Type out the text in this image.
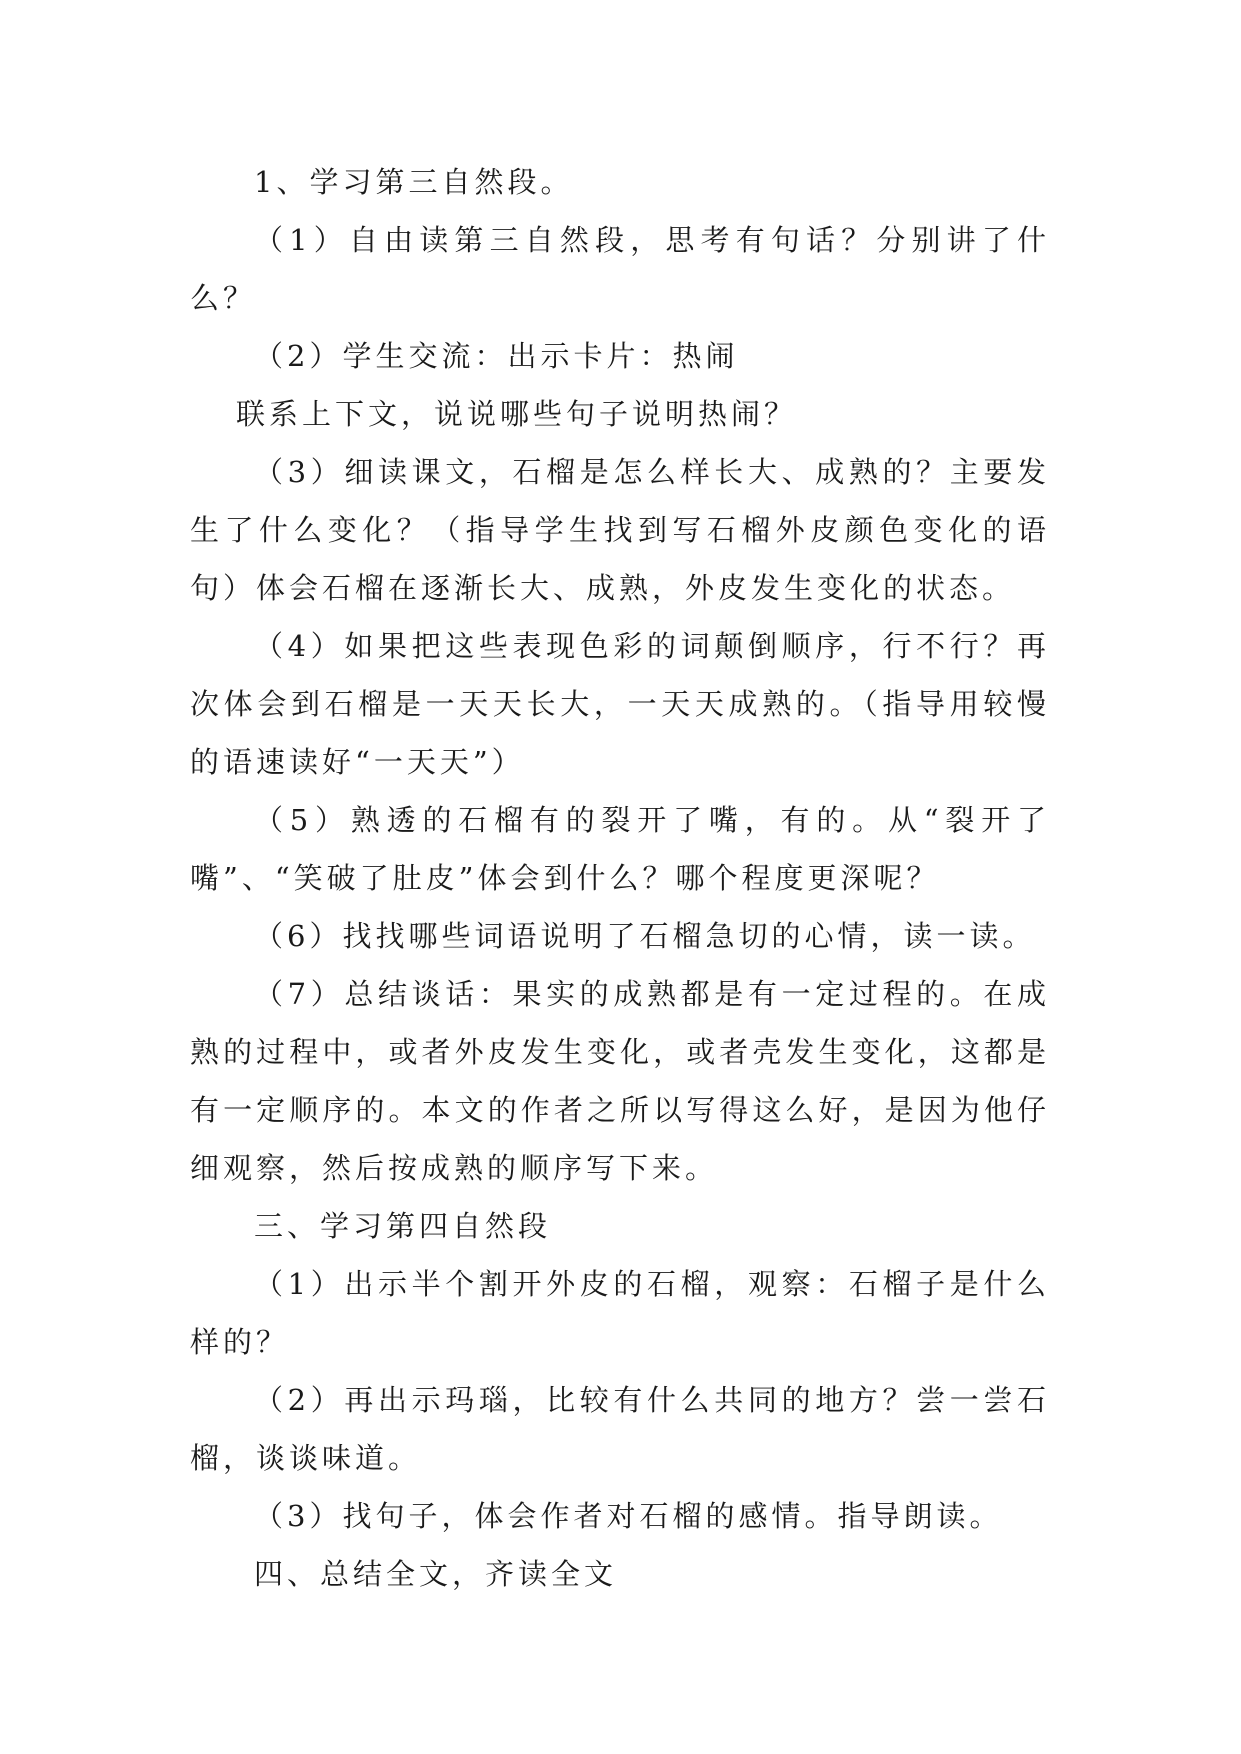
1、学习第三自然段。

（1）自由读第三自然段，思考有句话？分别讲了什么？

（2）学生交流：出示卡片：热闹

联系上下文，说说哪些句子说明热闹？

（3）细读课文，石榴是怎么样长大、成熟的？主要发生了什么变化？（指导学生找到写石榴外皮颜色变化的语句）体会石榴在逐渐长大、成熟，外皮发生变化的状态。

（4）如果把这些表现色彩的词颠倒顺序，行不行？再次体会到石榴是一天天长大，一天天成熟的。（指导用较慢的语速读好“一天天”）

（5）熟透的石榴有的裂开了嘴，有的。从“裂开了嘴”、“笑破了肚皮”体会到什么？哪个程度更深呢？

（6）找找哪些词语说明了石榴急切的心情，读一读。

（7）总结谈话：果实的成熟都是有一定过程的。在成熟的过程中，或者外皮发生变化，或者壳发生变化，这都是有一定顺序的。本文的作者之所以写得这么好，是因为他仔细观察，然后按成熟的顺序写下来。

三、学习第四自然段

（1）出示半个割开外皮的石榴，观察：石榴子是什么样的？

（2）再出示玛瑙，比较有什么共同的地方？尝一尝石榴，谈谈味道。

（3）找句子，体会作者对石榴的感情。指导朗读。

四、总结全文，齐读全文
